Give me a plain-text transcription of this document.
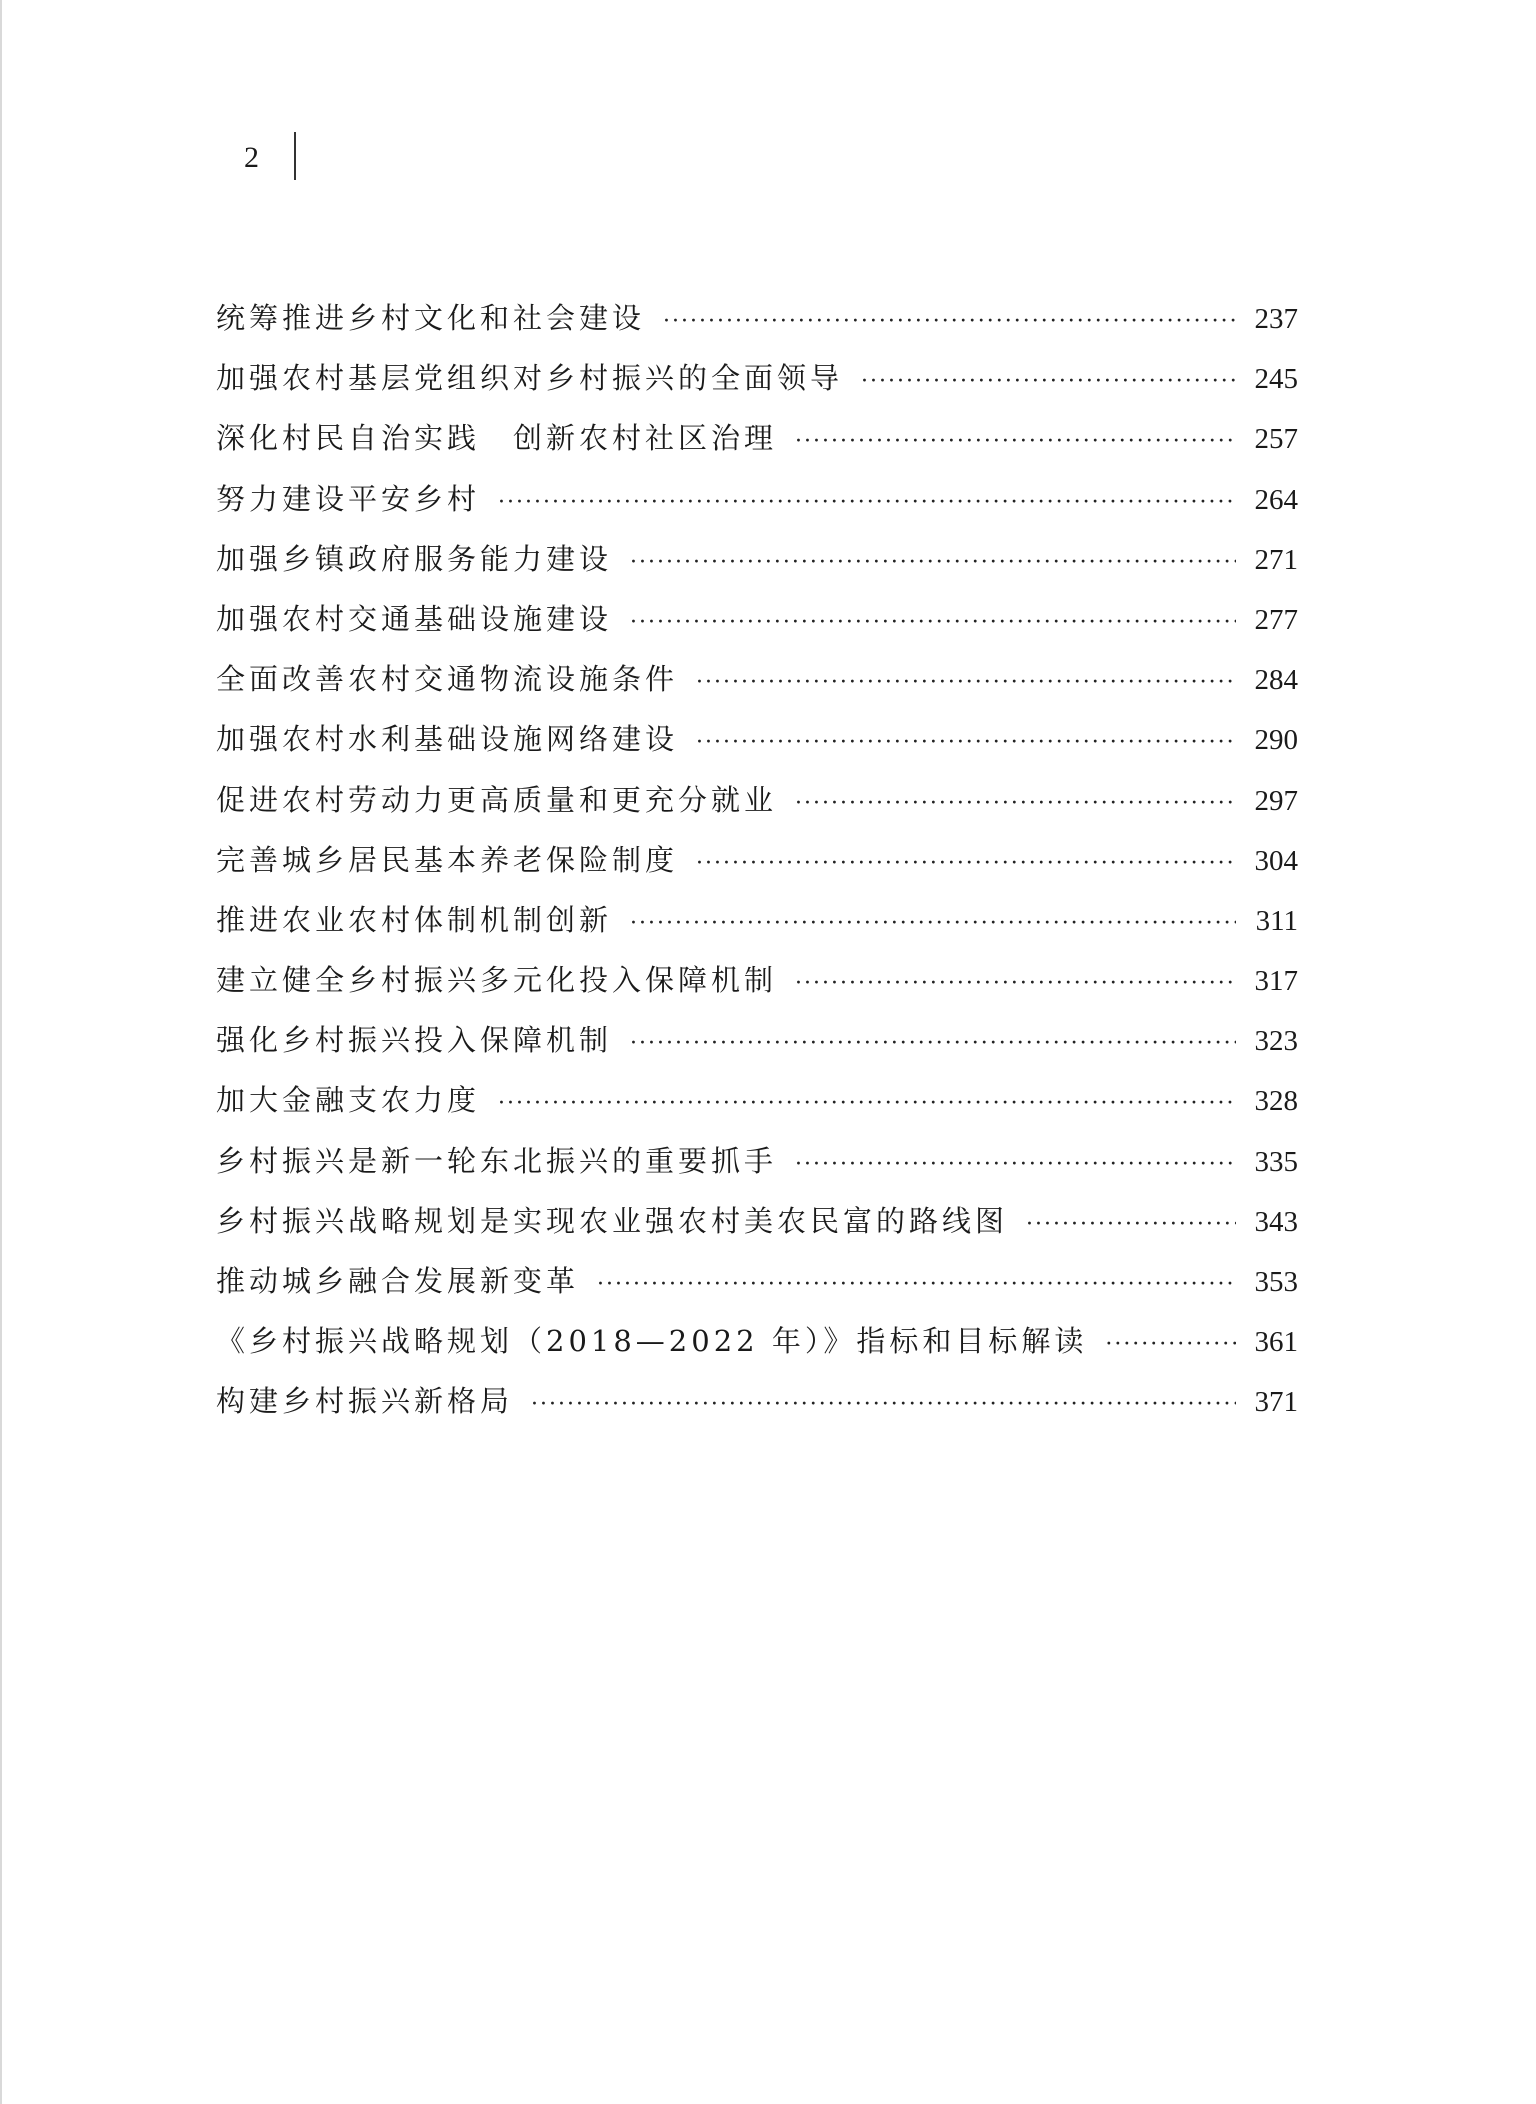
2
统筹推进乡村文化和社会建设 ·····	237
加强农村基层党组织对乡村振兴的全面领导 ·····	245
深化村民自治实践　创新农村社区治理 ·····	257
努力建设平安乡村 ·····	264
加强乡镇政府服务能力建设 ·····	271
加强农村交通基础设施建设 ·····	277
全面改善农村交通物流设施条件 ·····	284
加强农村水利基础设施网络建设 ·····	290
促进农村劳动力更高质量和更充分就业 ·····	297
完善城乡居民基本养老保险制度 ·····	304
推进农业农村体制机制创新 ·····	311
建立健全乡村振兴多元化投入保障机制 ·····	317
强化乡村振兴投入保障机制 ·····	323
加大金融支农力度 ·····	328
乡村振兴是新一轮东北振兴的重要抓手 ·····	335
乡村振兴战略规划是实现农业强农村美农民富的路线图 ·····	343
推动城乡融合发展新变革 ·····	353
《乡村振兴战略规划（2018—2022 年）》指标和目标解读 ·····	361
构建乡村振兴新格局 ·····	371
